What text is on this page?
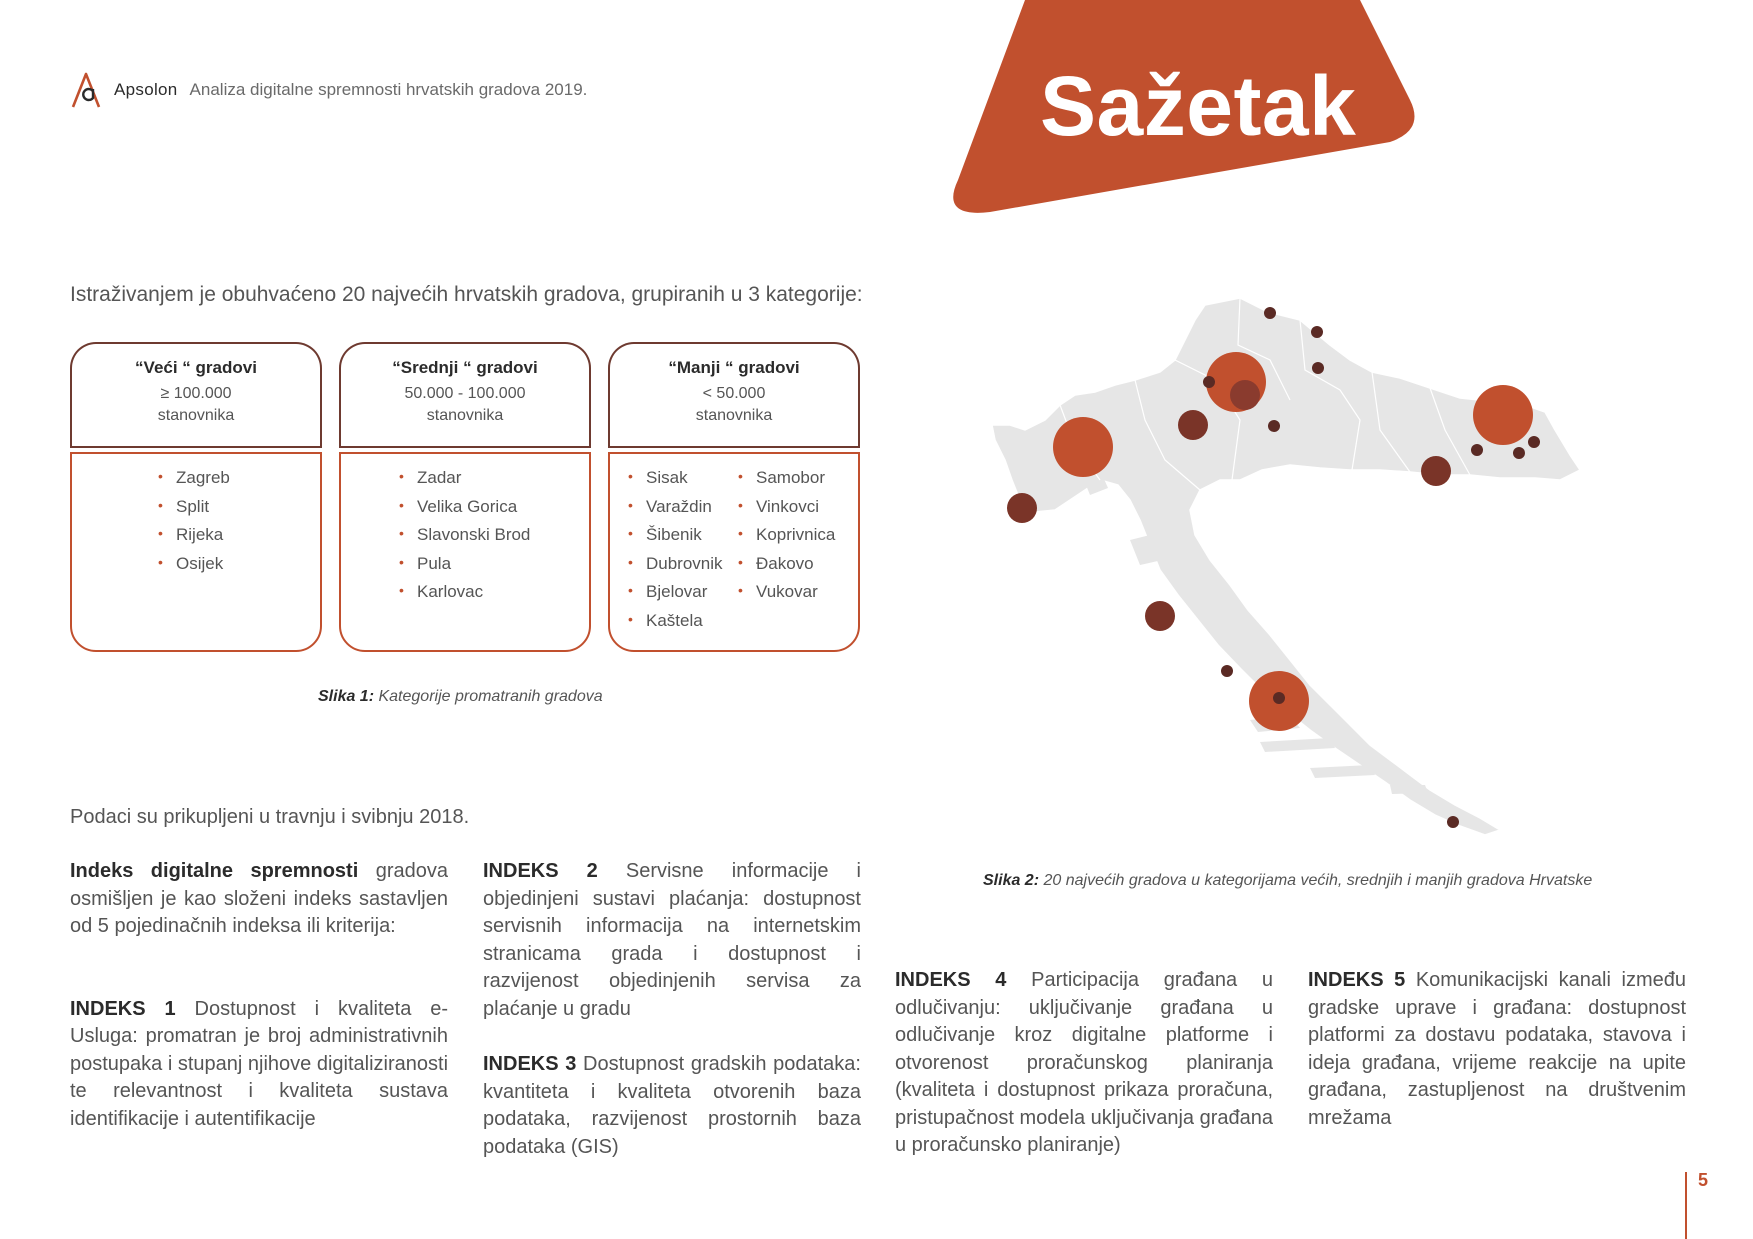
Apsolon Analiza digitalne spremnosti hrvatskih gradova 2019.	Sažetak
Istraživanjem je obuhvaćeno 20 najvećih hrvatskih gradova, grupiranih u 3 kategorije:
“Veći “ gradovi
≥ 100.000
stanovnika
• Zagreb
• Split
• Rijeka
• Osijek
“Srednji “ gradovi
50.000 - 100.000
stanovnika
• Zadar
• Velika Gorica
• Slavonski Brod
• Pula
• Karlovac
“Manji “ gradovi
< 50.000
stanovnika
• Sisak
• Varaždin
• Šibenik
• Dubrovnik
• Bjelovar
• Kaštela
• Samobor
• Vinkovci
• Koprivnica
• Đakovo
• Vukovar
Slika 1: Kategorije promatranih gradova
Slika 2: 20 najvećih gradova u kategorijama većih, srednjih i manjih gradova Hrvatske
Podaci su prikupljeni u travnju i svibnju 2018.

Indeks digitalne spremnosti gradova osmišljen je kao složeni indeks sastavljen od 5 pojedinačnih indeksa ili kriterija:

INDEKS 1 Dostupnost i kvaliteta e-Usluga: promatran je broj administrativnih postupaka i stupanj njihove digitaliziranosti te relevantnost i kvaliteta sustava identifikacije i autentifikacije

INDEKS 2 Servisne informacije i objedinjeni sustavi plaćanja: dostupnost servisnih informacija na internetskim stranicama grada i dostupnost i razvijenost objedinjenih servisa za plaćanje u gradu

INDEKS 3 Dostupnost gradskih podataka: kvantiteta i kvaliteta otvorenih baza podataka, razvijenost prostornih baza podataka (GIS)

INDEKS 4 Participacija građana u odlučivanju: uključivanje građana u odlučivanje kroz digitalne platforme i otvorenost proračunskog planiranja (kvaliteta i dostupnost prikaza proračuna, pristupačnost modela uključivanja građana u proračunsko planiranje)

INDEKS 5 Komunikacijski kanali između gradske uprave i građana: dostupnost platformi za dostavu podataka, stavova i ideja građana, vrijeme reakcije na upite građana, zastupljenost na društvenim mrežama

5
